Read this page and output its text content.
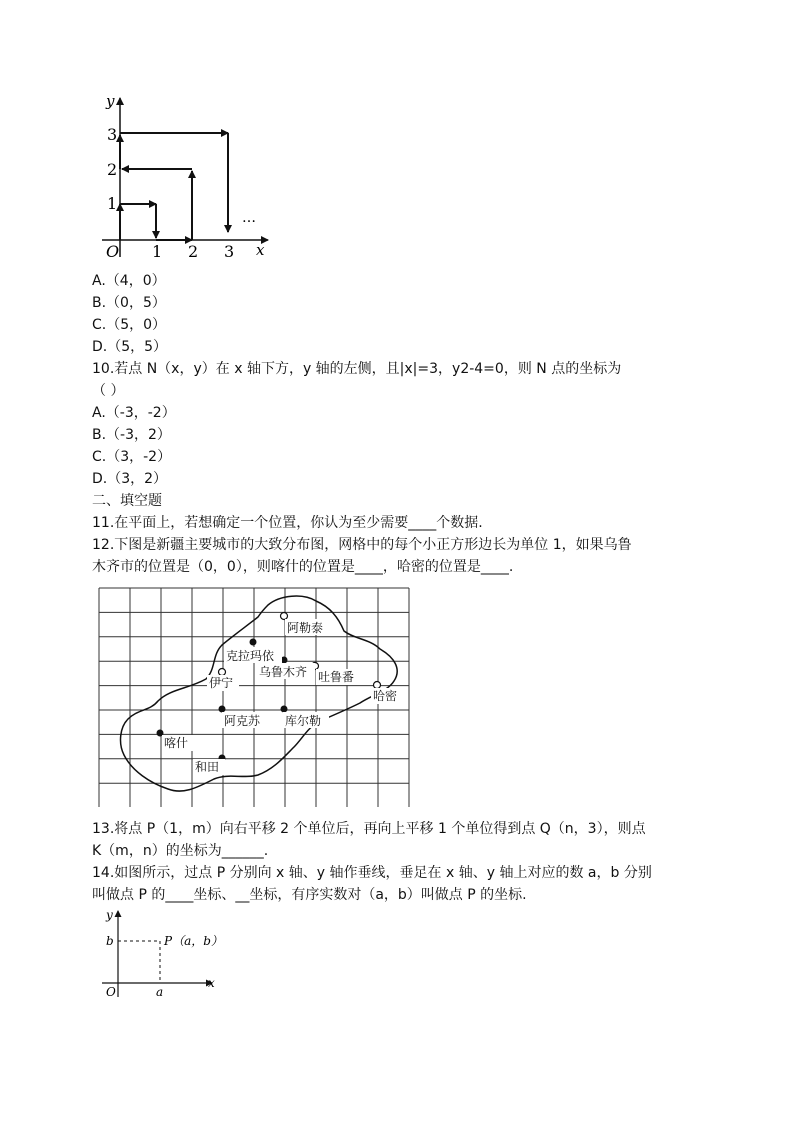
y
x
O 1 2 3
1
2
3
…
A.（4，0）
B.（0，5）
C.（5，0）
D.（5，5）
10.若点 N（x，y）在 x 轴下方，y 轴的左侧，且|x|=3，y2-4=0，则 N 点的坐标为
（ ）
A.（-3，-2）
B.（-3，2）
C.（3，-2）
D.（3，2）
二、填空题
11.在平面上，若想确定一个位置，你认为至少需要____个数据.
12.下图是新疆主要城市的大致分布图，网格中的每个小正方形边长为单位 1，如果乌鲁
木齐市的位置是（0，0），则喀什的位置是____，哈密的位置是____.
阿勒泰
克拉玛依
乌鲁木齐 吐鲁番
伊宁
哈密
阿克苏 库尔勒
喀什
和田
13.将点 P（1，m）向右平移 2 个单位后，再向上平移 1 个单位得到点 Q（n，3），则点
K（m，n）的坐标为______.
14.如图所示，过点 P 分别向 x 轴、y 轴作垂线，垂足在 x 轴、y 轴上对应的数 a，b 分别
叫做点 P 的____坐标、__坐标，有序实数对（a，b）叫做点 P 的坐标.
y
x
O
b
a
P（a，b）
